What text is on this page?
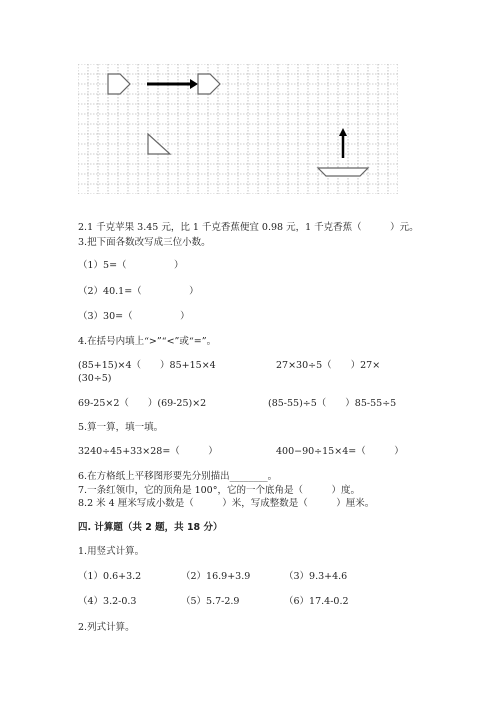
2.1 千克苹果 3.45 元，比 1 千克香蕉便宜 0.98 元，1 千克香蕉（　　　）元。
3.把下面各数改写成三位小数。
（1）5=（　　　　　）
（2）40.1=（　　　　　）
（3）30=（　　　　　）
4.在括号内填上“>”“<”或“=”。
(85+15)×4（　　）85+15×4	27×30÷5（　　）27×
(30÷5)
69-25×2（　　）(69-25)×2	(85-55)÷5（　　）85-55÷5
5.算一算，填一填。
3240÷45+33×28=（　　　）	400−90÷15×4=（　　　）
6.在方格纸上平移图形要先分别描出________。
7.一条红领巾，它的顶角是 100°，它的一个底角是（　　　）度。
8.2 米 4 厘米写成小数是（　　　）米，写成整数是（　　　）厘米。
四. 计算题（共 2 题，共 18 分）
1.用竖式计算。
（1）0.6+3.2	（2）16.9+3.9	（3）9.3+4.6
（4）3.2-0.3	（5）5.7-2.9	（6）17.4-0.2
2.列式计算。
